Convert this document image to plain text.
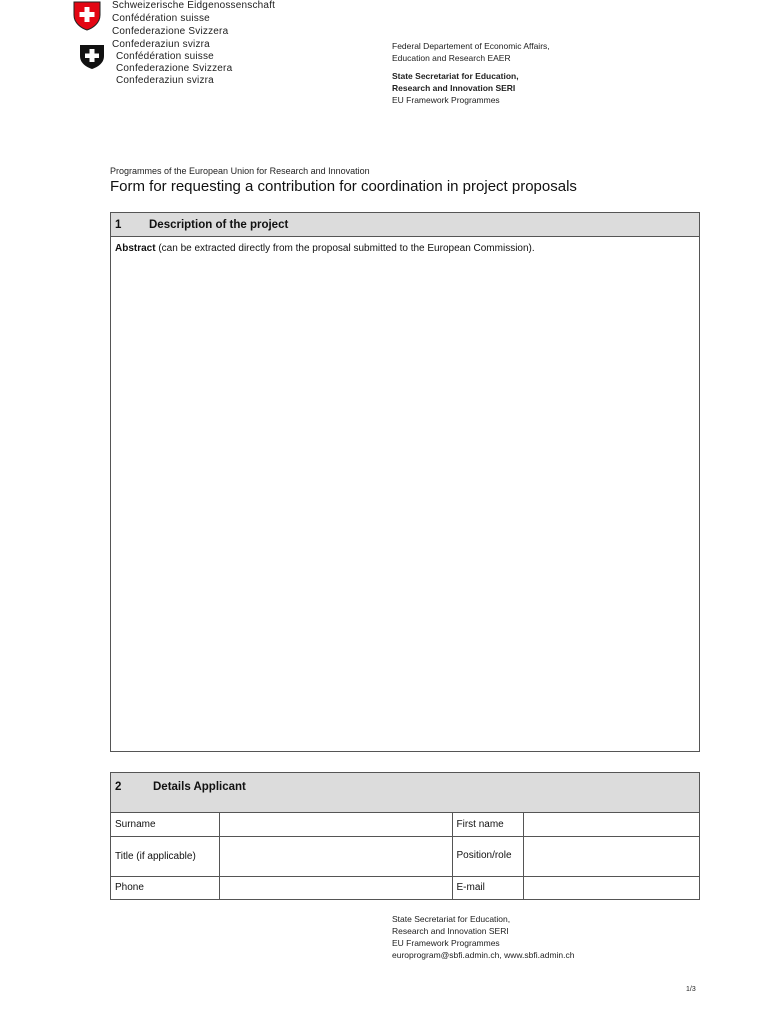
Schweizerische Eidgenossenschaft
Confédération suisse
Confederazione Svizzera
Confederaziun svizra
Confédération suisse
Confederazione Svizzera
Confederaziun svizra
Federal Departement of Economic Affairs,
Education and Research EAER
State Secretariat for Education,
Research and Innovation SERI
EU Framework Programmes
Programmes of the European Union for Research and Innovation
Form for requesting a contribution for coordination in project proposals
1	Description of the project
Abstract (can be extracted directly from the proposal submitted to the European Commission).
2	Details Applicant
Surname		First name	
Title (if applicable)		Position/role	
Phone		E-mail	
State Secretariat for Education,
Research and Innovation SERI
EU Framework Programmes
europrogram@sbfi.admin.ch, www.sbfi.admin.ch
1/3
